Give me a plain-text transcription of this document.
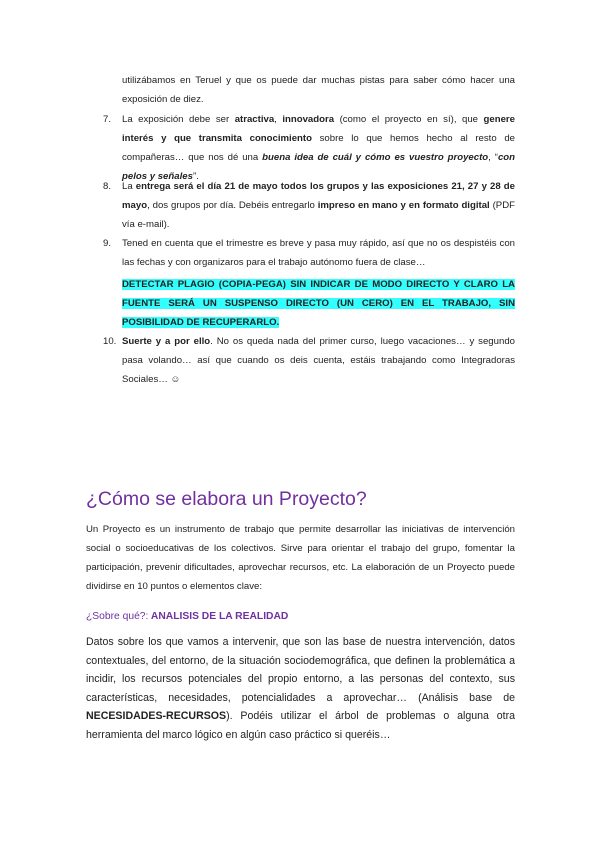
utilizábamos en Teruel y que os puede dar muchas pistas para saber cómo hacer una exposición de diez.

7.	La exposición debe ser atractiva, innovadora (como el proyecto en sí), que genere interés y que transmita conocimiento sobre lo que hemos hecho al resto de compañeras… que nos dé una buena idea de cuál y cómo es vuestro proyecto, “con pelos y señales”.

8.	La entrega será el día 21 de mayo todos los grupos y las exposiciones 21, 27 y 28 de mayo, dos grupos por día. Debéis entregarlo impreso en mano y en formato digital (PDF vía e-mail).

9.	Tened en cuenta que el trimestre es breve y pasa muy rápido, así que no os despistéis con las fechas y con organizaros para el trabajo autónomo fuera de clase…

DETECTAR PLAGIO (COPIA-PEGA) SIN INDICAR DE MODO DIRECTO Y CLARO LA FUENTE SERÁ UN SUSPENSO DIRECTO (UN CERO) EN EL TRABAJO, SIN POSIBILIDAD DE RECUPERARLO.

10. Suerte y a por ello. No os queda nada del primer curso, luego vacaciones… y segundo pasa volando… así que cuando os deis cuenta, estáis trabajando como Integradoras Sociales… ☺

¿Cómo se elabora un Proyecto?

Un Proyecto es un instrumento de trabajo que permite desarrollar las iniciativas de intervención social o socioeducativas de los colectivos. Sirve para orientar el trabajo del grupo, fomentar la participación, prevenir dificultades, aprovechar recursos, etc. La elaboración de un Proyecto puede dividirse en 10 puntos o elementos clave:

¿Sobre qué?: ANALISIS DE LA REALIDAD

Datos sobre los que vamos a intervenir, que son las base de nuestra intervención, datos contextuales, del entorno, de la situación sociodemográfica, que definen la problemática a incidir, los recursos potenciales del propio entorno, a las personas del contexto, sus características, necesidades, potencialidades a aprovechar… (Análisis base de NECESIDADES-RECURSOS). Podéis utilizar el árbol de problemas o alguna otra herramienta del marco lógico en algún caso práctico si queréis…
